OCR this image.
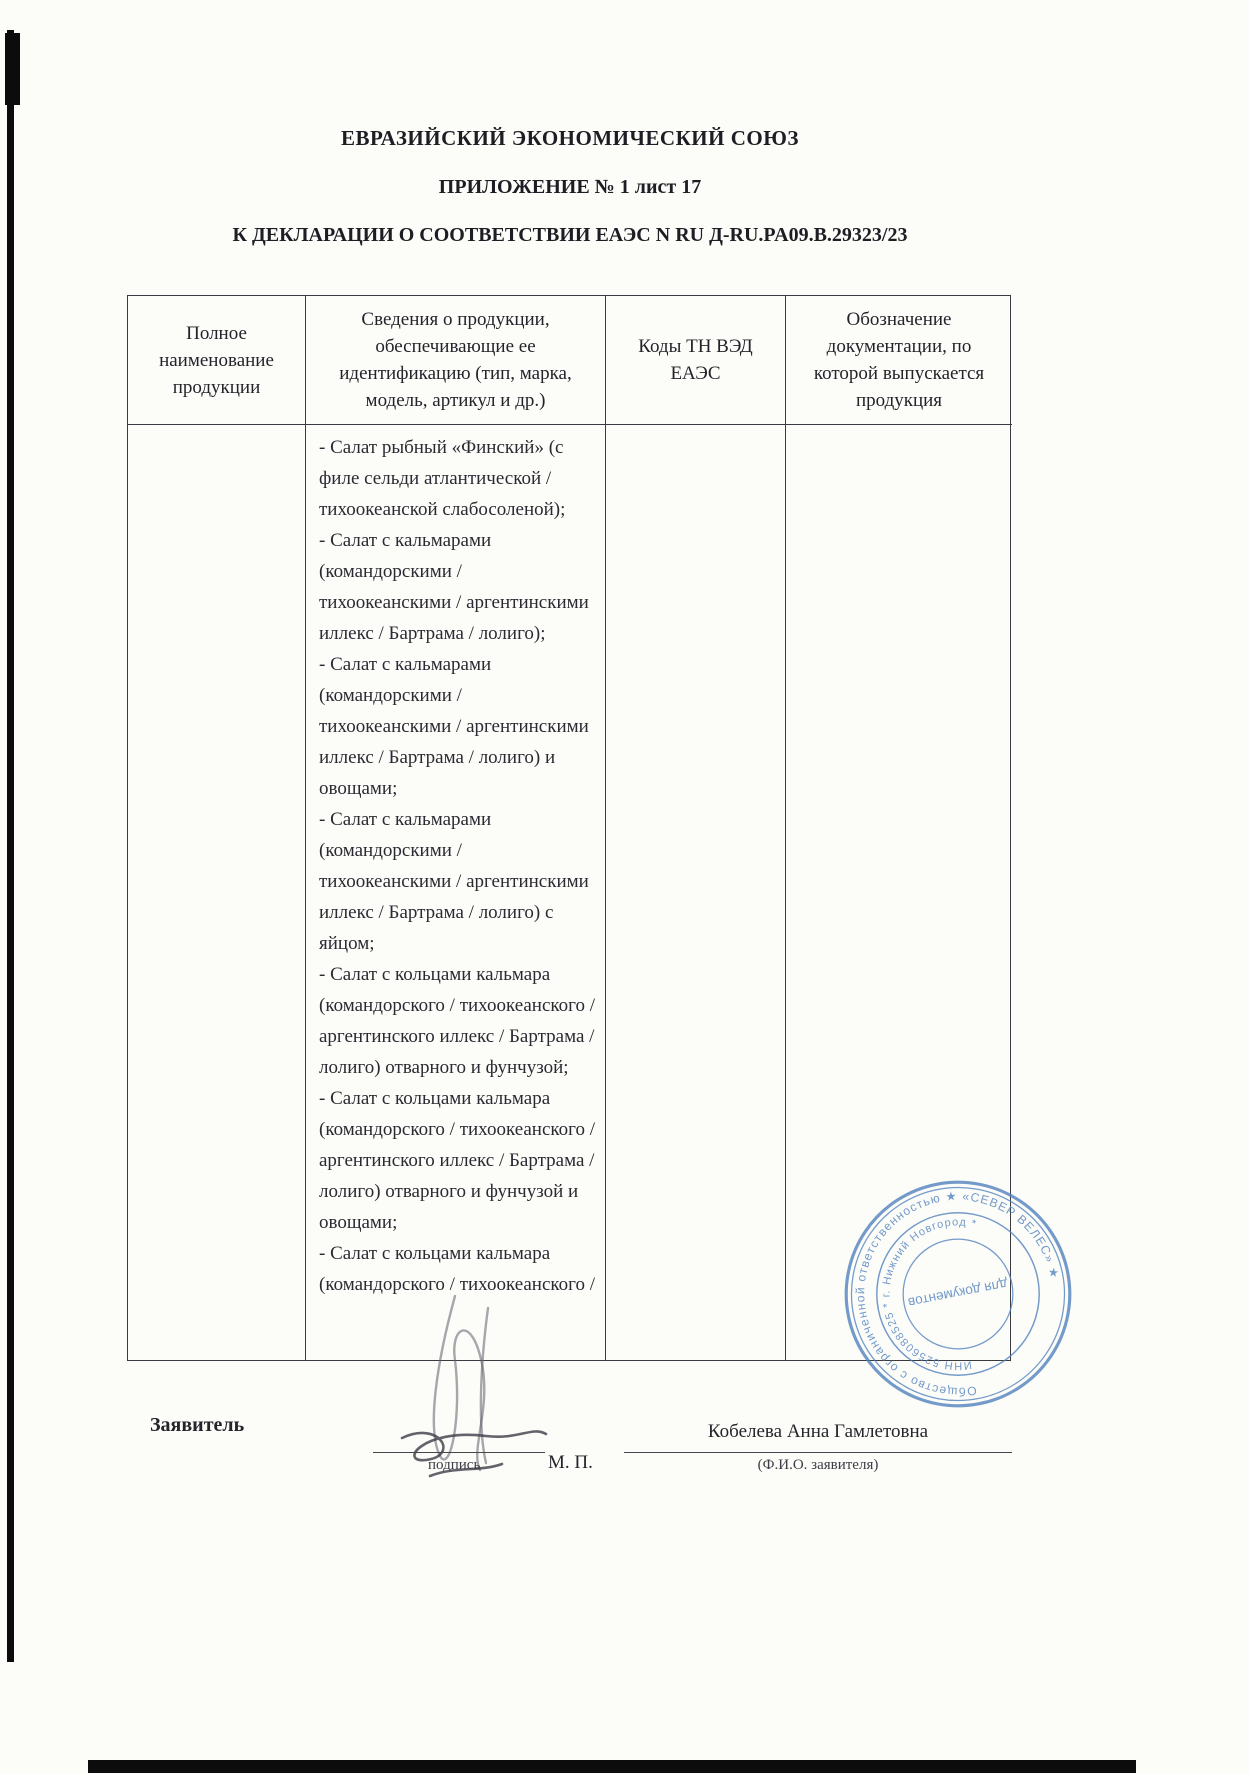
ЕВРАЗИЙСКИЙ ЭКОНОМИЧЕСКИЙ СОЮЗ
ПРИЛОЖЕНИЕ № 1 лист 17
К ДЕКЛАРАЦИИ О СООТВЕТСТВИИ ЕАЭС N RU Д-RU.PA09.B.29323/23
Полное наименование продукции
Сведения о продукции, обеспечивающие ее идентификацию (тип, марка, модель, артикул и др.)
Коды ТН ВЭД ЕАЭС
Обозначение документации, по которой выпускается продукция
- Салат рыбный «Финский» (с филе сельди атлантической / тихоокеанской слабосоленой);
- Салат с кальмарами (командорскими / тихоокеанскими / аргентинскими иллекс / Бартрама / лолиго);
- Салат с кальмарами (командорскими / тихоокеанскими / аргентинскими иллекс / Бартрама / лолиго) и овощами;
- Салат с кальмарами (командорскими / тихоокеанскими / аргентинскими иллекс / Бартрама / лолиго) с яйцом;
- Салат с кольцами кальмара (командорского / тихоокеанского / аргентинского иллекс / Бартрама / лолиго) отварного и фунчузой;
- Салат с кольцами кальмара (командорского / тихоокеанского / аргентинского иллекс / Бартрама / лолиго) отварного и фунчузой и овощами;
- Салат с кольцами кальмара (командорского / тихоокеанского /
Общество с ограниченной ответственностью ★ «СЕВЕР ВЕЛЕС» ★
ИНН 5256088525 * г. Нижний Новгород *
для документов
Заявитель
подпись	М. П.
Кобелева Анна Гамлетовна
(Ф.И.О. заявителя)
